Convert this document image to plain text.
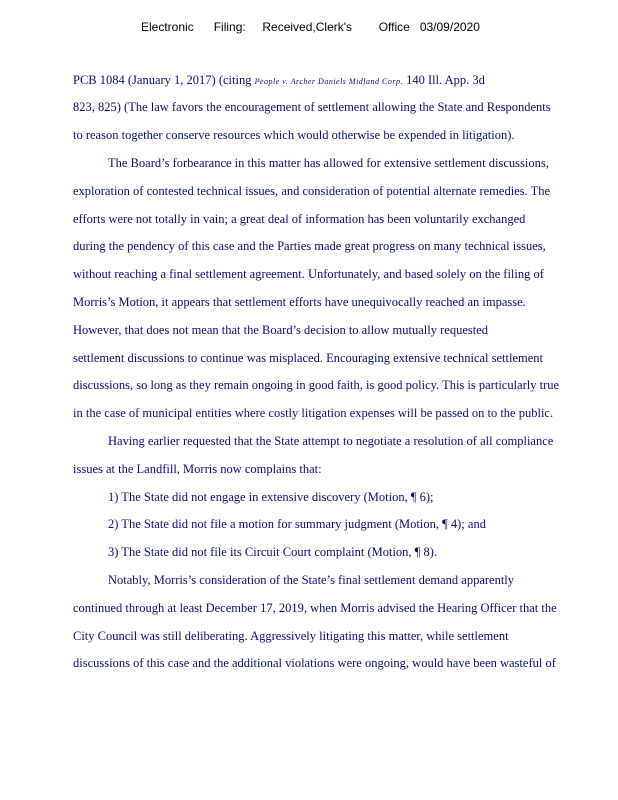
Electronic      Filing:     Received,Clerk's        Office   03/09/2020
PCB 1084 (January 1, 2017) (citing People v. Archer Daniels Midland Corp. 140 Ill. App. 3d
823, 825) (The law favors the encouragement of settlement allowing the State and Respondents
to reason together conserve resources which would otherwise be expended in litigation).
The Board’s forbearance in this matter has allowed for extensive settlement discussions,
exploration of contested technical issues, and consideration of potential alternate remedies. The
efforts were not totally in vain; a great deal of information has been voluntarily exchanged
during the pendency of this case and the Parties made great progress on many technical issues,
without reaching a final settlement agreement. Unfortunately, and based solely on the filing of
Morris’s Motion, it appears that settlement efforts have unequivocally reached an impasse.
However, that does not mean that the Board’s decision to allow mutually requested
settlement discussions to continue was misplaced. Encouraging extensive technical settlement
discussions, so long as they remain ongoing in good faith, is good policy. This is particularly true
in the case of municipal entities where costly litigation expenses will be passed on to the public.
Having earlier requested that the State attempt to negotiate a resolution of all compliance
issues at the Landfill, Morris now complains that:
1) The State did not engage in extensive discovery (Motion, ¶ 6);
2) The State did not file a motion for summary judgment (Motion, ¶ 4); and
3) The State did not file its Circuit Court complaint (Motion, ¶ 8).
Notably, Morris’s consideration of the State’s final settlement demand apparently
continued through at least December 17, 2019, when Morris advised the Hearing Officer that the
City Council was still deliberating. Aggressively litigating this matter, while settlement
discussions of this case and the additional violations were ongoing, would have been wasteful of
